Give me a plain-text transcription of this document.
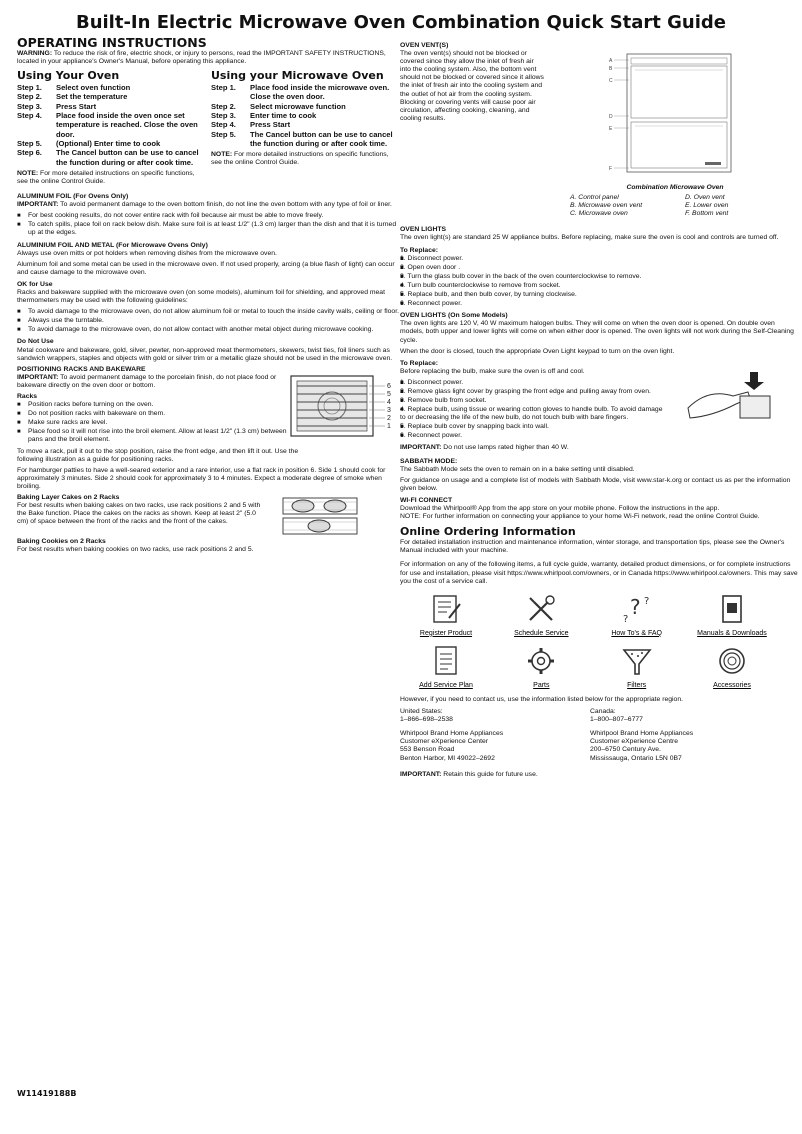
Built-In Electric Microwave Oven Combination Quick Start Guide
OPERATING INSTRUCTIONS

WARNING: To reduce the risk of fire, electric shock, or injury to persons, read the IMPORTANT SAFETY INSTRUCTIONS, located in your appliance's Owner's Manual, before operating this appliance.

Using Your Oven
Step 1. Select oven function
Step 2. Set the temperature
Step 3. Press Start
Step 4. Place food inside the oven once set temperature is reached. Close the oven door.
Step 5. (Optional) Enter time to cook
Step 6. The Cancel button can be use to cancel the function during or after cook time.

NOTE: For more detailed instructions on specific functions, see the online Control Guide.

Using your Microwave Oven
Step 1. Place food inside the microwave oven. Close the oven door.
Step 2. Select microwave function
Step 3. Enter time to cook
Step 4. Press Start
Step 5. The Cancel button can be use to cancel the function during or after cook time.

NOTE: For more detailed instructions on specific functions, see the online Control Guide.

ALUMINUM FOIL (For Ovens Only)

IMPORTANT: To avoid permanent damage to the oven bottom finish, do not line the oven bottom with any type of foil or liner.

■ For best cooking results, do not cover entire rack with foil because air must be able to move freely.
■ To catch spills, place foil on rack below dish. Make sure foil is at least 1/2" (1.3 cm) larger than the dish and that it is turned up at the edges.
ALUMINIUM FOIL AND METAL (For Microwave Ovens Only)

Always use oven mitts or pot holders when removing dishes from the microwave oven.

Aluminum foil and some metal can be used in the microwave oven. If not used properly, arcing (a blue flash of light) can occur and cause damage to the microwave oven.

OK for Use

Racks and bakeware supplied with the microwave oven (on some models), aluminum foil for shielding, and approved meat thermometers may be used with the following guidelines:

■ To avoid damage to the microwave oven, do not allow aluminum foil or metal to touch the inside cavity walls, ceiling or floor.
■ Always use the turntable.
■ To avoid damage to the microwave oven, do not allow contact with another metal object during microwave cooking.
Do Not Use

Metal cookware and bakeware, gold, silver, pewter, non-approved meat thermometers, skewers, twist ties, foil liners such as sandwich wrappers, staples and objects with gold or silver trim or a metallic glaze should not be used in the microwave oven.

POSITIONING RACKS AND BAKEWARE

IMPORTANT: To avoid permanent damage to the porcelain finish, do not place food or bakeware directly on the oven door or bottom.

Racks
■ Position racks before turning on the oven.
■ Do not position racks with bakeware on them.
■ Make sure racks are level.
■ Place food so it will not rise into the broil element. Allow at least 1/2" (1.3 cm) between pans and the broil element.
6
5
4
3
2
1

To move a rack, pull it out to the stop position, raise the front edge, and then lift it out. Use the following illustration as a guide for positioning racks.

For hamburger patties to have a well-seared exterior and a rare interior, use a flat rack in position 6. Side 1 should cook for approximately 3 minutes. Side 2 should cook for approximately 3 to 4 minutes. Expect a moderate degree of smoke when broiling.

Baking Layer Cakes on 2 Racks

For best results when baking cakes on two racks, use rack positions 2 and 5 with the Bake function. Place the cakes on the racks as shown. Keep at least 2" (5.0 cm) of space between the front of the racks and the front of the cakes.

Baking Cookies on 2 Racks

For best results when baking cookies on two racks, use rack positions 2 and 5.

OVEN VENT(S)

The oven vent(s) should not be blocked or covered since they allow the inlet of fresh air into the cooling system. Also, the bottom vent should not be blocked or covered since it allows the inlet of fresh air into the cooling system and the outlet of hot air from the cooling system. Blocking or covering vents will cause poor air circulation, affecting cooking, cleaning, and cooling results.

A
B
C
D
E
F
Combination Microwave Oven
A. Control panel	D. Oven vent
B. Microwave oven vent	E. Lower oven
C. Microwave oven	F. Bottom vent
OVEN LIGHTS

The oven light(s) are standard 25 W appliance bulbs. Before replacing, make sure the oven is cool and controls are turned off.

To Replace:
■ 1. Disconnect power.
■ 2. Open oven door .
■ 3. Turn the glass bulb cover in the back of the oven counterclockwise to remove.
■ 4. Turn bulb counterclockwise to remove from socket.
■ 5. Replace bulb, and then bulb cover, by turning clockwise.
■ 6. Reconnect power.
OVEN LIGHTS (On Some Models)

The oven lights are 120 V, 40 W maximum halogen bulbs. They will come on when the oven door is opened. On double oven models, both upper and lower lights will come on when either door is opened. The oven lights will not work during the Self-Cleaning cycle.

When the door is closed, touch the appropriate Oven Light keypad to turn on the oven light.

To Replace:

Before replacing the bulb, make sure the oven is off and cool.

■ 1. Disconnect power.
■ 2. Remove glass light cover by grasping the front edge and pulling away from oven.
■ 3. Remove bulb from socket.
■ 4. Replace bulb, using tissue or wearing cotton gloves to handle bulb. To avoid damage to or decreasing the life of the new bulb, do not touch bulb with bare fingers.
■ 5. Replace bulb cover by snapping back into wall.
■ 6. Reconnect power.

IMPORTANT: Do not use lamps rated higher than 40 W.

SABBATH MODE:

The Sabbath Mode sets the oven to remain on in a bake setting until disabled.

For guidance on usage and a complete list of models with Sabbath Mode, visit www.star-k.org or contact us as per the information given below.

WI-FI CONNECT

Download the Whirlpool® App from the app store on your mobile phone. Follow the instructions in the app.

NOTE: For further information on connecting your appliance to your home Wi-Fi network, read the online Control Guide.

Online Ordering Information

For detailed installation instruction and maintenance information, winter storage, and transportation tips, please see the Owner's Manual included with your machine.

For information on any of the following items, a full cycle guide, warranty, detailed product dimensions, or for complete instructions for use and installation, please visit https://www.whirlpool.com/owners, or in Canada https://www.whirlpool.ca/owners. This may save you the cost of a service call.

Register Product	Schedule Service
?
?
?
How To's & FAQ	Manuals & Downloads
Add Service Plan	Parts	Filters	Accessories

However, if you need to contact us, use the information listed below for the appropriate region.

United States:
1–866–698–2538
Whirlpool Brand Home Appliances Customer eXperience Center
553 Benson Road
Benton Harbor, MI 49022–2692
Canada:
1–800–807–6777
Whirlpool Brand Home Appliances Customer eXperience Centre
200–6750 Century Ave.
Mississauga, Ontario L5N 0B7

IMPORTANT: Retain this guide for future use.

W11419188B
